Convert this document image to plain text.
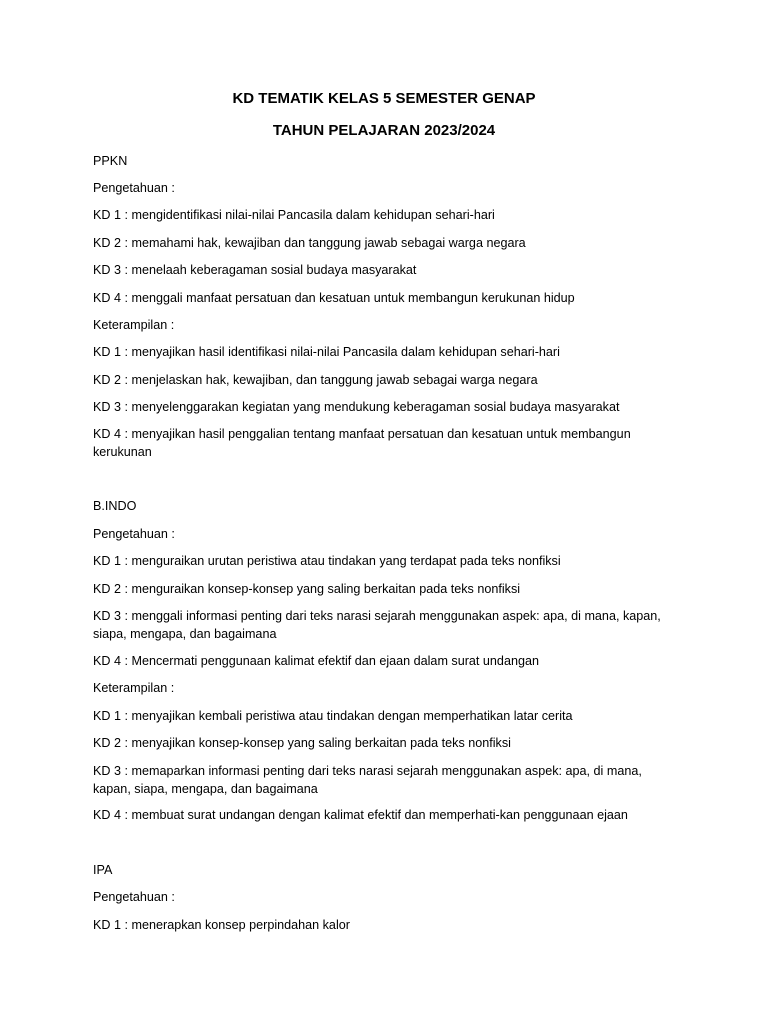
KD TEMATIK KELAS 5 SEMESTER GENAP
TAHUN PELAJARAN 2023/2024
PPKN
Pengetahuan :
KD 1 : mengidentifikasi nilai-nilai Pancasila dalam kehidupan sehari-hari
KD 2 : memahami hak, kewajiban dan tanggung jawab sebagai warga negara
KD 3 : menelaah keberagaman sosial budaya masyarakat
KD 4 : menggali manfaat persatuan dan kesatuan untuk membangun kerukunan hidup
Keterampilan :
KD 1 : menyajikan hasil identifikasi nilai-nilai Pancasila dalam kehidupan sehari-hari
KD 2 : menjelaskan hak, kewajiban, dan tanggung jawab sebagai warga negara
KD 3 : menyelenggarakan kegiatan yang mendukung keberagaman sosial budaya masyarakat
KD 4 : menyajikan hasil penggalian tentang manfaat persatuan dan kesatuan untuk membangun kerukunan
B.INDO
Pengetahuan :
KD 1 : menguraikan urutan peristiwa atau tindakan yang terdapat pada teks nonfiksi
KD 2 : menguraikan konsep-konsep yang saling berkaitan pada teks nonfiksi
KD 3 : menggali informasi penting dari teks narasi sejarah menggunakan aspek: apa, di mana, kapan, siapa, mengapa, dan bagaimana
KD 4 : Mencermati penggunaan kalimat efektif dan ejaan dalam surat undangan
Keterampilan :
KD 1 : menyajikan kembali peristiwa atau tindakan dengan memperhatikan latar cerita
KD 2 : menyajikan konsep-konsep yang saling berkaitan pada teks nonfiksi
KD 3 : memaparkan informasi penting dari teks narasi sejarah menggunakan aspek: apa, di mana, kapan, siapa, mengapa, dan bagaimana
KD 4 : membuat surat undangan dengan kalimat efektif dan memperhati-kan penggunaan ejaan
IPA
Pengetahuan :
KD 1 : menerapkan konsep perpindahan kalor
